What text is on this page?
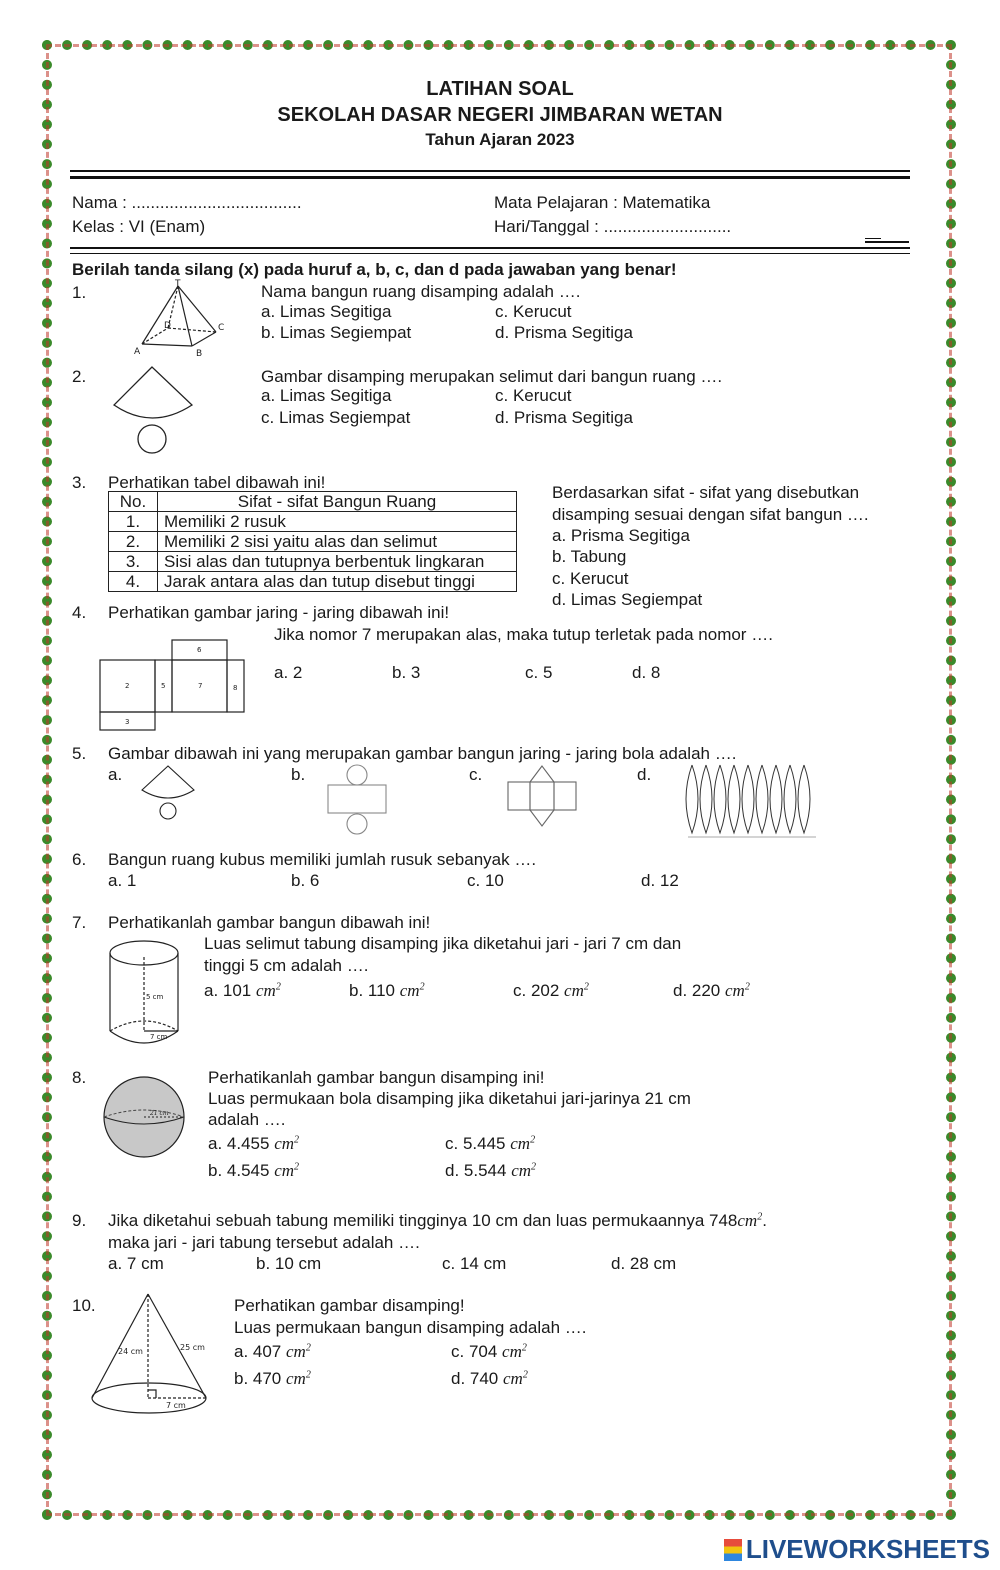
LATIHAN SOAL
SEKOLAH DASAR NEGERI JIMBARAN WETAN
Tahun Ajaran 2023
Nama : ....................................
Kelas : VI (Enam)
Mata Pelajaran : Matematika
Hari/Tanggal : ...........................
Berilah tanda silang (x) pada huruf a, b, c, dan d pada jawaban yang benar!
1.	T
A	B
C
D
Nama bangun ruang disamping adalah ….
a. Limas Segitiga
b. Limas Segiempat
c. Kerucut
d. Prisma Segitiga
2.	Gambar disamping merupakan selimut dari bangun ruang ….
a. Limas Segitiga
c. Limas Segiempat
c. Kerucut
d. Prisma Segitiga
3. Perhatikan tabel dibawah ini!
No.	Sifat - sifat Bangun Ruang
1.	Memiliki 2 rusuk
2.	Memiliki 2 sisi yaitu alas dan selimut
3.	Sisi alas dan tutupnya berbentuk lingkaran
4.	Jarak antara alas dan tutup disebut tinggi
Berdasarkan sifat - sifat yang disebutkan
disamping sesuai dengan sifat bangun ….
a. Prisma Segitiga
b. Tabung
c. Kerucut
d. Limas Segiempat
4. Perhatikan gambar jaring - jaring dibawah ini!
Jika nomor 7 merupakan alas, maka tutup terletak pada nomor ….
6
2	5	7	8
3
a. 2	b. 3	c. 5	d. 8
5. Gambar dibawah ini yang merupakan gambar bangun jaring - jaring bola adalah ….
a.	b.	c.	d.
6. Bangun ruang kubus memiliki jumlah rusuk sebanyak ….
a. 1	b. 6	c. 10	d. 12
7. Perhatikanlah gambar bangun dibawah ini!
5 cm
7 cm
Luas selimut tabung disamping jika diketahui jari - jari 7 cm dan
tinggi 5 cm adalah ….
a. 101 $cm^2$	b. 110 $cm^2$	c. 202 $cm^2$	d. 220 $cm^2$
8.
21 cm
Perhatikanlah gambar bangun disamping ini!
Luas permukaan bola disamping jika diketahui jari-jarinya 21 cm
adalah ….
a. 4.455 $cm^2$
b. 4.545 $cm^2$
c. 5.445 $cm^2$
d. 5.544 $cm^2$
9. Jika diketahui sebuah tabung memiliki tingginya 10 cm dan luas permukaannya $748cm^2$.
maka jari - jari tabung tersebut adalah ….
a. 7 cm	b. 10 cm	c. 14 cm	d. 28 cm
10.
24 cm	25 cm
7 cm
Perhatikan gambar disamping!
Luas permukaan bangun disamping adalah ….
a. 407 $cm^2$
b. 470 $cm^2$
c. 704 $cm^2$
d. 740 $cm^2$
LIVEWORKSHEETS
